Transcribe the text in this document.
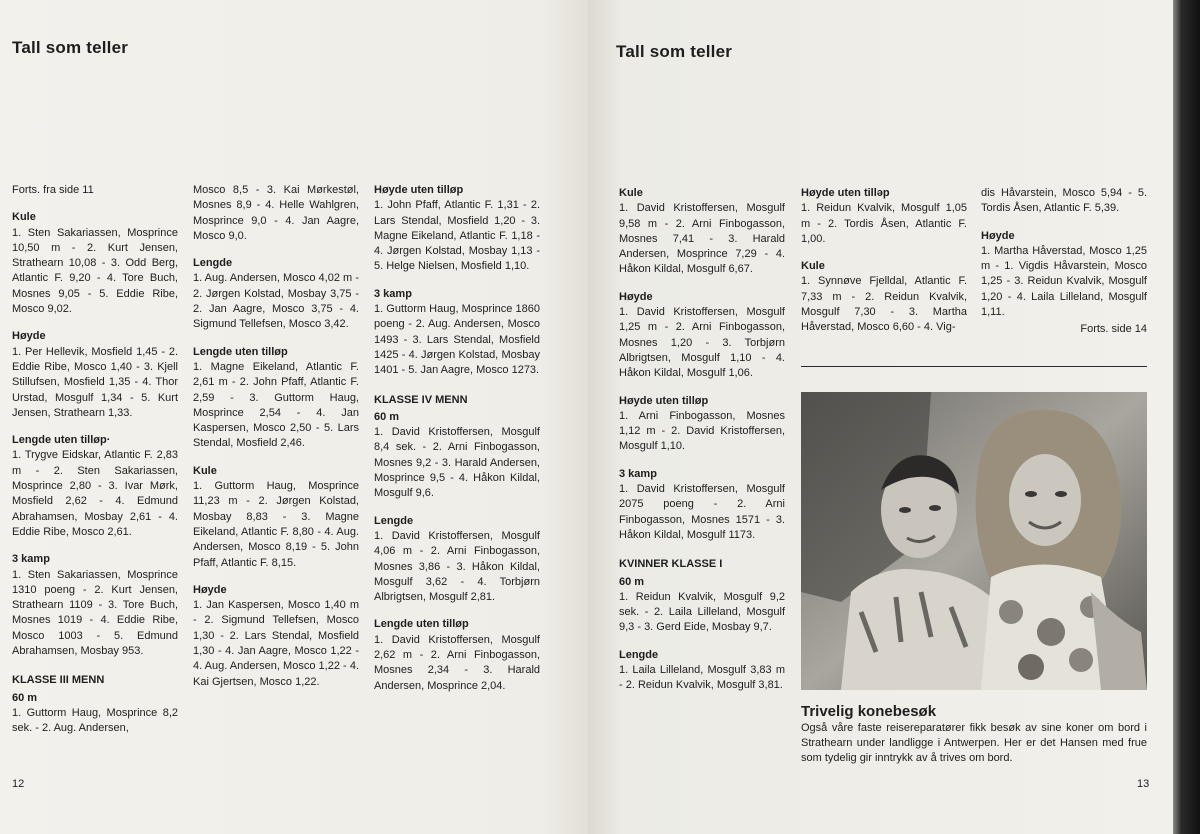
Tall som teller	Tall som teller

Forts. fra side 11

Kule

1. Sten Sakariassen, Mosprince 10,50 m - 2. Kurt Jensen, Strathearn 10,08 - 3. Odd Berg, Atlantic F. 9,20 - 4. Tore Buch, Mosnes 9,05 - 5. Eddie Ribe, Mosco 9,02.

Høyde

1. Per Hellevik, Mosfield 1,45 - 2. Eddie Ribe, Mosco 1,40 - 3. Kjell Stillufsen, Mosfield 1,35 - 4. Thor Urstad, Mosgulf 1,34 - 5. Kurt Jensen, Strathearn 1,33.

Lengde uten tilløp·

1. Trygve Eidskar, Atlantic F. 2,83 m - 2. Sten Sakariassen, Mosprince 2,80 - 3. Ivar Mørk, Mosfield 2,62 - 4. Edmund Abrahamsen, Mosbay 2,61 - 4. Eddie Ribe, Mosco 2,61.

3 kamp

1. Sten Sakariassen, Mosprince 1310 poeng - 2. Kurt Jensen, Strathearn 1109 - 3. Tore Buch, Mosnes 1019 - 4. Eddie Ribe, Mosco 1003 - 5. Edmund Abrahamsen, Mosbay 953.

KLASSE III MENN

60 m

1. Guttorm Haug, Mosprince 8,2 sek. - 2. Aug. Andersen,

Mosco 8,5 - 3. Kai Mørkestøl, Mosnes 8,9 - 4. Helle Wahlgren, Mosprince 9,0 - 4. Jan Aagre, Mosco 9,0.

Lengde

1. Aug. Andersen, Mosco 4,02 m - 2. Jørgen Kolstad, Mosbay 3,75 - 2. Jan Aagre, Mosco 3,75 - 4. Sigmund Tellefsen, Mosco 3,42.

Lengde uten tilløp

1. Magne Eikeland, Atlantic F. 2,61 m - 2. John Pfaff, Atlantic F. 2,59 - 3. Guttorm Haug, Mosprince 2,54 - 4. Jan Kaspersen, Mosco 2,50 - 5. Lars Stendal, Mosfield 2,46.

Kule

1. Guttorm Haug, Mosprince 11,23 m - 2. Jørgen Kolstad, Mosbay 8,83 - 3. Magne Eikeland, Atlantic F. 8,80 - 4. Aug. Andersen, Mosco 8,19 - 5. John Pfaff, Atlantic F. 8,15.

Høyde

1. Jan Kaspersen, Mosco 1,40 m - 2. Sigmund Tellefsen, Mosco 1,30 - 2. Lars Stendal, Mosfield 1,30 - 4. Jan Aagre, Mosco 1,22 - 4. Aug. Andersen, Mosco 1,22 - 4. Kai Gjertsen, Mosco 1,22.

Høyde uten tilløp

1. John Pfaff, Atlantic F. 1,31 - 2. Lars Stendal, Mosfield 1,20 - 3. Magne Eikeland, Atlantic F. 1,18 - 4. Jørgen Kolstad, Mosbay 1,13 - 5. Helge Nielsen, Mosfield 1,10.

3 kamp

1. Guttorm Haug, Mosprince 1860 poeng - 2. Aug. Andersen, Mosco 1493 - 3. Lars Stendal, Mosfield 1425 - 4. Jørgen Kolstad, Mosbay 1401 - 5. Jan Aagre, Mosco 1273.

KLASSE IV MENN

60 m

1. David Kristoffersen, Mosgulf 8,4 sek. - 2. Arni Finbogasson, Mosnes 9,2 - 3. Harald Andersen, Mosprince 9,5 - 4. Håkon Kildal, Mosgulf 9,6.

Lengde

1. David Kristoffersen, Mosgulf 4,06 m - 2. Arni Finbogasson, Mosnes 3,86 - 3. Håkon Kildal, Mosgulf 3,62 - 4. Torbjørn Albrigtsen, Mosgulf 2,81.

Lengde uten tilløp

1. David Kristoffersen, Mosgulf 2,62 m - 2. Arni Finbogasson, Mosnes 2,34 - 3. Harald Andersen, Mosprince 2,04.

Kule

1. David Kristoffersen, Mosgulf 9,58 m - 2. Arni Finbogasson, Mosnes 7,41 - 3. Harald Andersen, Mosprince 7,29 - 4. Håkon Kildal, Mosgulf 6,67.

Høyde

1. David Kristoffersen, Mosgulf 1,25 m - 2. Arni Finbogasson, Mosnes 1,20 - 3. Torbjørn Albrigtsen, Mosgulf 1,10 - 4. Håkon Kildal, Mosgulf 1,06.

Høyde uten tilløp

1. Arni Finbogasson, Mosnes 1,12 m - 2. David Kristoffersen, Mosgulf 1,10.

3 kamp

1. David Kristoffersen, Mosgulf 2075 poeng - 2. Arni Finbogasson, Mosnes 1571 - 3. Håkon Kildal, Mosgulf 1173.

KVINNER KLASSE I

60 m

1. Reidun Kvalvik, Mosgulf 9,2 sek. - 2. Laila Lilleland, Mosgulf 9,3 - 3. Gerd Eide, Mosbay 9,7.

Lengde

1. Laila Lilleland, Mosgulf 3,83 m - 2. Reidun Kvalvik, Mosgulf 3,81.

Høyde uten tilləp

1. Reidun Kvalvik, Mosgulf 1,05 m - 2. Tordis Åsen, Atlantic F. 1,00.

Kule

1. Synnøve Fjelldal, Atlantic F. 7,33 m - 2. Reidun Kvalvik, Mosgulf 7,30 - 3. Martha Håverstad, Mosco 6,60 - 4. Vig-

dis Håvarstein, Mosco 5,94 - 5. Tordis Åsen, Atlantic F. 5,39.

Høyde

1. Martha Håverstad, Mosco 1,25 m - 1. Vigdis Håvarstein, Mosco 1,25 - 3. Reidun Kvalvik, Mosgulf 1,20 - 4. Laila Lilleland, Mosgulf 1,11.

Forts. side 14

Trivelig konebesøk
Også våre faste reisereparatører fikk besøk av sine koner om bord i Strathearn under landligge i Antwerpen. Her er det Hansen med frue som tydelig gir inntrykk av å trives om bord.
12	13
